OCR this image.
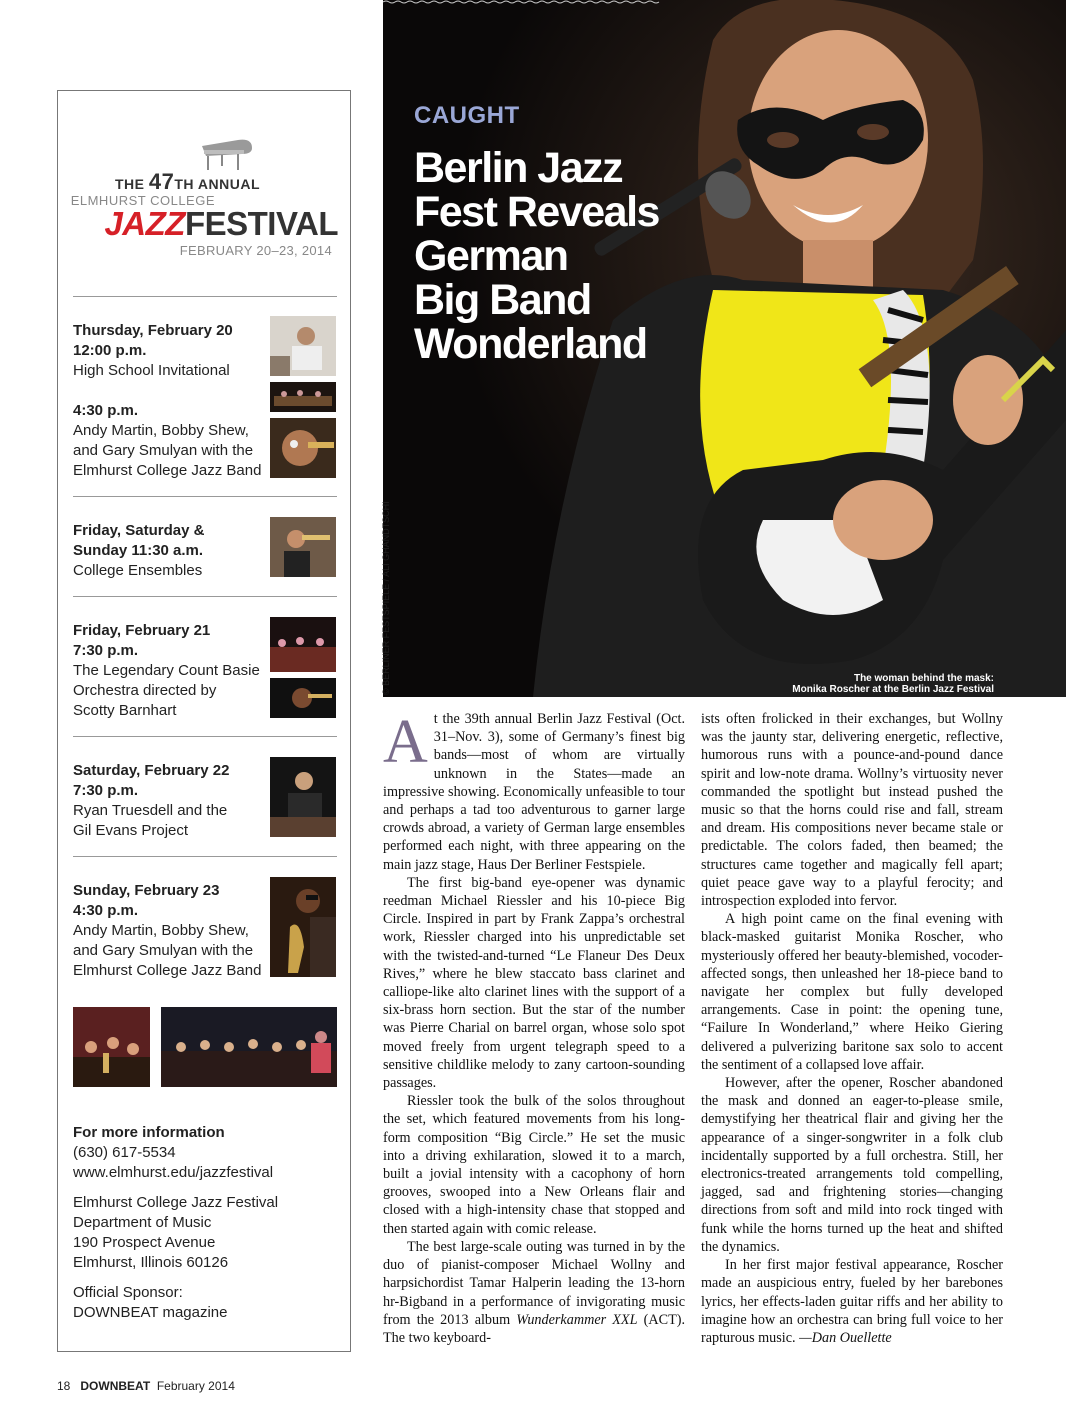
THE 47TH ANNUAL
ELMHURST COLLEGE
JAZZFESTIVAL
FEBRUARY 20–23, 2014
Thursday, February 20
12:00 p.m.
High School Invitational
4:30 p.m.
Andy Martin, Bobby Shew,
and Gary Smulyan with the
Elmhurst College Jazz Band
Friday, Saturday &
Sunday 11:30 a.m.
College Ensembles
Friday, February 21
7:30 p.m.
The Legendary Count Basie
Orchestra directed by
Scotty Barnhart
Saturday, February 22
7:30 p.m.
Ryan Truesdell and the
Gil Evans Project
Sunday, February 23
4:30 p.m.
Andy Martin, Bobby Shew,
and Gary Smulyan with the
Elmhurst College Jazz Band

For more information
(630) 617-5534
www.elmhurst.edu/jazzfestival

Elmhurst College Jazz Festival
Department of Music
190 Prospect Avenue
Elmhurst, Illinois 60126

Official Sponsor:
DOWNBEAT magazine

CAUGHT
Berlin Jazz
Fest Reveals
German
Big Band
Wonderland
The woman behind the mask:
Monika Roscher at the Berlin Jazz Festival
© BERLINER FESTSPIELE / ALI GHANDTSCHI

At the 39th annual Berlin Jazz Festival (Oct. 31–Nov. 3), some of Germany’s finest big bands—most of whom are virtually unknown in the States—made an impressive showing. Economically unfeasible to tour and perhaps a tad too adventurous to garner large crowds abroad, a variety of German large ensembles performed each night, with three appearing on the main jazz stage, Haus Der Berliner Festspiele.

The first big-band eye-opener was dynamic reedman Michael Riessler and his 10-piece Big Circle. Inspired in part by Frank Zappa’s orchestral work, Riessler charged into his unpredictable set with the twisted-and-turned “Le Flaneur Des Deux Rives,” where he blew staccato bass clarinet and calliope-like alto clarinet lines with the support of a six-brass horn section. But the star of the number was Pierre Charial on barrel organ, whose solo spot moved freely from urgent telegraph speed to a sensitive childlike melody to zany cartoon-sounding passages.

Riessler took the bulk of the solos throughout the set, which featured movements from his long-form composition “Big Circle.” He set the music into a driving exhilaration, slowed it to a march, built a jovial intensity with a cacophony of horn grooves, swooped into a New Orleans flair and closed with a high-intensity chase that stopped and then started again with comic release.

The best large-scale outing was turned in by the duo of pianist-composer Michael Wollny and harpsichordist Tamar Halperin leading the 13-horn hr-Bigband in a performance of invigorating music from the 2013 album Wunderkammer XXL (ACT). The two keyboard-

ists often frolicked in their exchanges, but Wollny was the jaunty star, delivering energetic, reflective, humorous runs with a pounce-and-pound dance spirit and low-note drama. Wollny’s virtuosity never commanded the spotlight but instead pushed the music so that the horns could rise and fall, stream and dream. His compositions never became stale or predictable. The colors faded, then beamed; the structures came together and magically fell apart; quiet peace gave way to a playful ferocity; and introspection exploded into fervor.

A high point came on the final evening with black-masked guitarist Monika Roscher, who mysteriously offered her beauty-blemished, vocoder-affected songs, then unleashed her 18-piece band to navigate her complex but fully developed arrangements. Case in point: the opening tune, “Failure In Wonderland,” where Heiko Giering delivered a pulverizing baritone sax solo to accent the sentiment of a collapsed love affair.

However, after the opener, Roscher abandoned the mask and donned an eager-to-please smile, demystifying her theatrical flair and giving her the appearance of a singer-songwriter in a folk club incidentally supported by a full orchestra. Still, her electronics-treated arrangements told compelling, jagged, sad and frightening stories—changing directions from soft and mild into rock tinged with funk while the horns turned up the heat and shifted the dynamics.

In her first major festival appearance, Roscher made an auspicious entry, fueled by her barebones lyrics, her effects-laden guitar riffs and her ability to imagine how an orchestra can bring full voice to her rapturous music. —Dan Ouellette

18 DOWNBEAT February 2014
